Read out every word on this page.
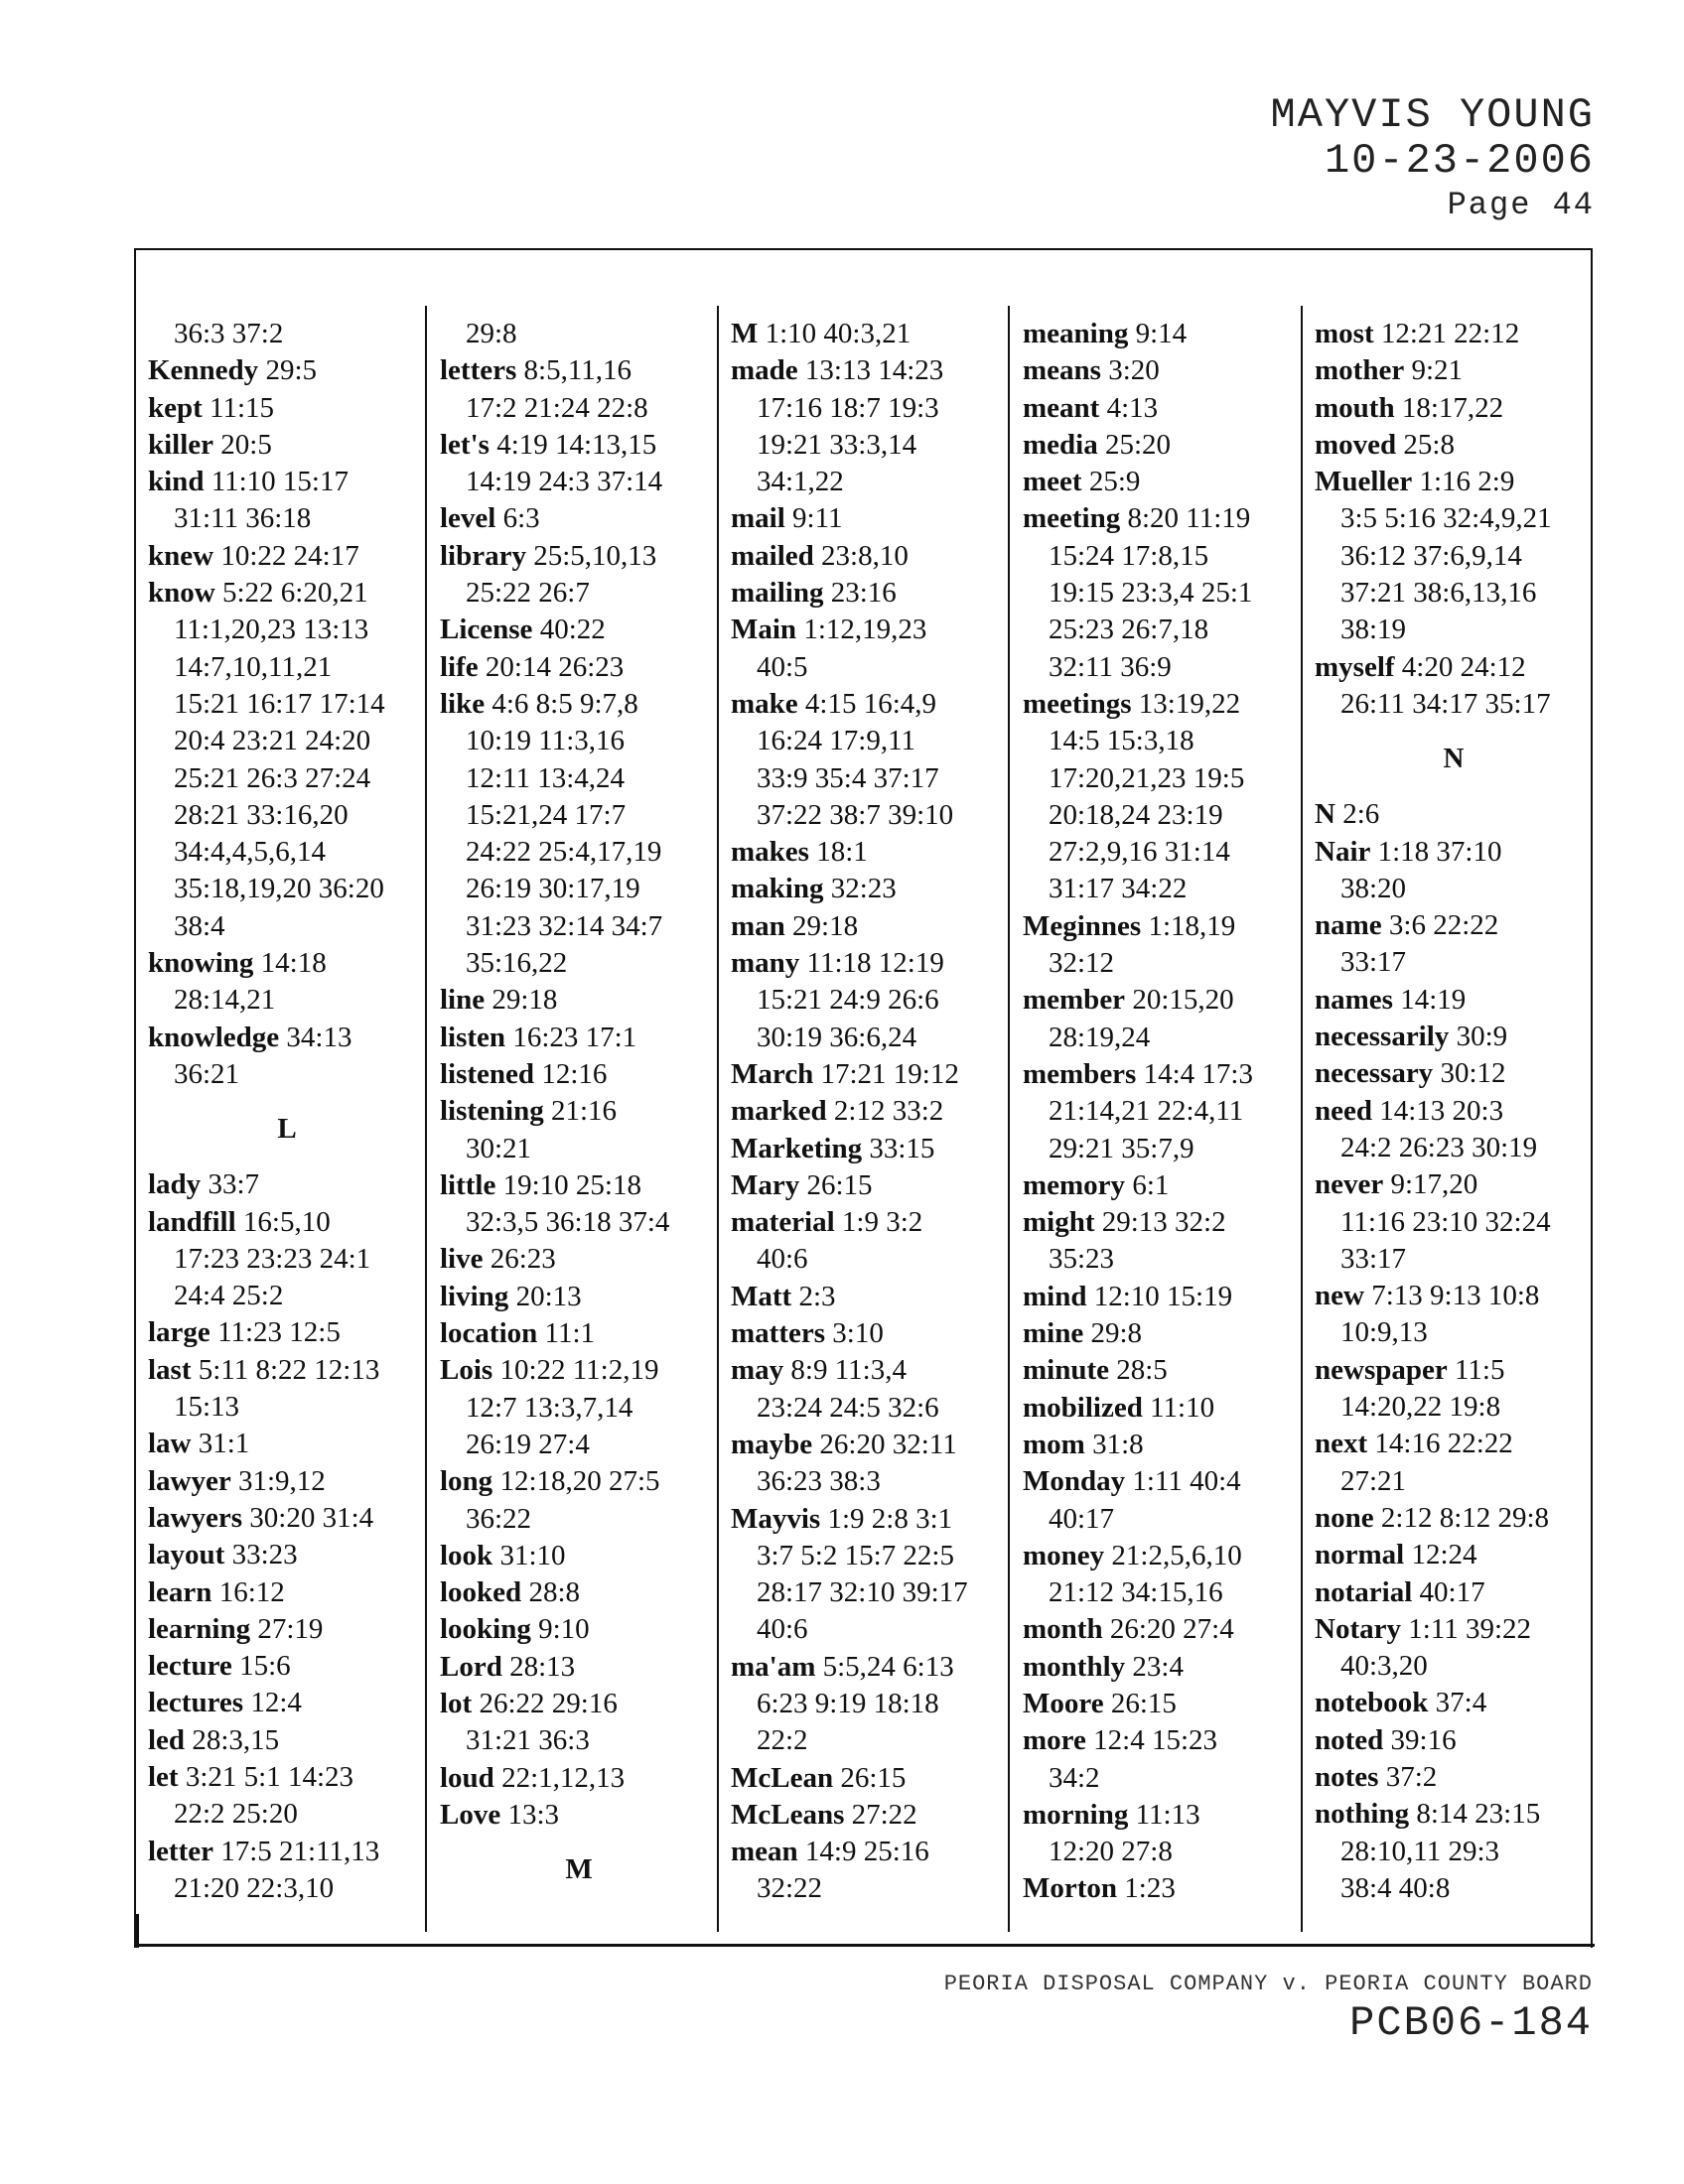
MAYVIS YOUNG
10-23-2006
Page 44
36:3 37:2
Kennedy 29:5
kept 11:15
killer 20:5
kind 11:10 15:17
31:11 36:18
knew 10:22 24:17
know 5:22 6:20,21
11:1,20,23 13:13
14:7,10,11,21
15:21 16:17 17:14
20:4 23:21 24:20
25:21 26:3 27:24
28:21 33:16,20
34:4,4,5,6,14
35:18,19,20 36:20
38:4
knowing 14:18
28:14,21
knowledge 34:13
36:21
L
lady 33:7
landfill 16:5,10
17:23 23:23 24:1
24:4 25:2
large 11:23 12:5
last 5:11 8:22 12:13
15:13
law 31:1
lawyer 31:9,12
lawyers 30:20 31:4
layout 33:23
learn 16:12
learning 27:19
lecture 15:6
lectures 12:4
led 28:3,15
let 3:21 5:1 14:23
22:2 25:20
letter 17:5 21:11,13
21:20 22:3,10
29:8
letters 8:5,11,16
17:2 21:24 22:8
let's 4:19 14:13,15
14:19 24:3 37:14
level 6:3
library 25:5,10,13
25:22 26:7
License 40:22
life 20:14 26:23
like 4:6 8:5 9:7,8
10:19 11:3,16
12:11 13:4,24
15:21,24 17:7
24:22 25:4,17,19
26:19 30:17,19
31:23 32:14 34:7
35:16,22
line 29:18
listen 16:23 17:1
listened 12:16
listening 21:16
30:21
little 19:10 25:18
32:3,5 36:18 37:4
live 26:23
living 20:13
location 11:1
Lois 10:22 11:2,19
12:7 13:3,7,14
26:19 27:4
long 12:18,20 27:5
36:22
look 31:10
looked 28:8
looking 9:10
Lord 28:13
lot 26:22 29:16
31:21 36:3
loud 22:1,12,13
Love 13:3
M
M 1:10 40:3,21
made 13:13 14:23
17:16 18:7 19:3
19:21 33:3,14
34:1,22
mail 9:11
mailed 23:8,10
mailing 23:16
Main 1:12,19,23
40:5
make 4:15 16:4,9
16:24 17:9,11
33:9 35:4 37:17
37:22 38:7 39:10
makes 18:1
making 32:23
man 29:18
many 11:18 12:19
15:21 24:9 26:6
30:19 36:6,24
March 17:21 19:12
marked 2:12 33:2
Marketing 33:15
Mary 26:15
material 1:9 3:2
40:6
Matt 2:3
matters 3:10
may 8:9 11:3,4
23:24 24:5 32:6
maybe 26:20 32:11
36:23 38:3
Mayvis 1:9 2:8 3:1
3:7 5:2 15:7 22:5
28:17 32:10 39:17
40:6
ma'am 5:5,24 6:13
6:23 9:19 18:18
22:2
McLean 26:15
McLeans 27:22
mean 14:9 25:16
32:22
meaning 9:14
means 3:20
meant 4:13
media 25:20
meet 25:9
meeting 8:20 11:19
15:24 17:8,15
19:15 23:3,4 25:1
25:23 26:7,18
32:11 36:9
meetings 13:19,22
14:5 15:3,18
17:20,21,23 19:5
20:18,24 23:19
27:2,9,16 31:14
31:17 34:22
Meginnes 1:18,19
32:12
member 20:15,20
28:19,24
members 14:4 17:3
21:14,21 22:4,11
29:21 35:7,9
memory 6:1
might 29:13 32:2
35:23
mind 12:10 15:19
mine 29:8
minute 28:5
mobilized 11:10
mom 31:8
Monday 1:11 40:4
40:17
money 21:2,5,6,10
21:12 34:15,16
month 26:20 27:4
monthly 23:4
Moore 26:15
more 12:4 15:23
34:2
morning 11:13
12:20 27:8
Morton 1:23
most 12:21 22:12
mother 9:21
mouth 18:17,22
moved 25:8
Mueller 1:16 2:9
3:5 5:16 32:4,9,21
36:12 37:6,9,14
37:21 38:6,13,16
38:19
myself 4:20 24:12
26:11 34:17 35:17
N
N 2:6
Nair 1:18 37:10
38:20
name 3:6 22:22
33:17
names 14:19
necessarily 30:9
necessary 30:12
need 14:13 20:3
24:2 26:23 30:19
never 9:17,20
11:16 23:10 32:24
33:17
new 7:13 9:13 10:8
10:9,13
newspaper 11:5
14:20,22 19:8
next 14:16 22:22
27:21
none 2:12 8:12 29:8
normal 12:24
notarial 40:17
Notary 1:11 39:22
40:3,20
notebook 37:4
noted 39:16
notes 37:2
nothing 8:14 23:15
28:10,11 29:3
38:4 40:8
PEORIA DISPOSAL COMPANY v. PEORIA COUNTY BOARD
PCB06-184
